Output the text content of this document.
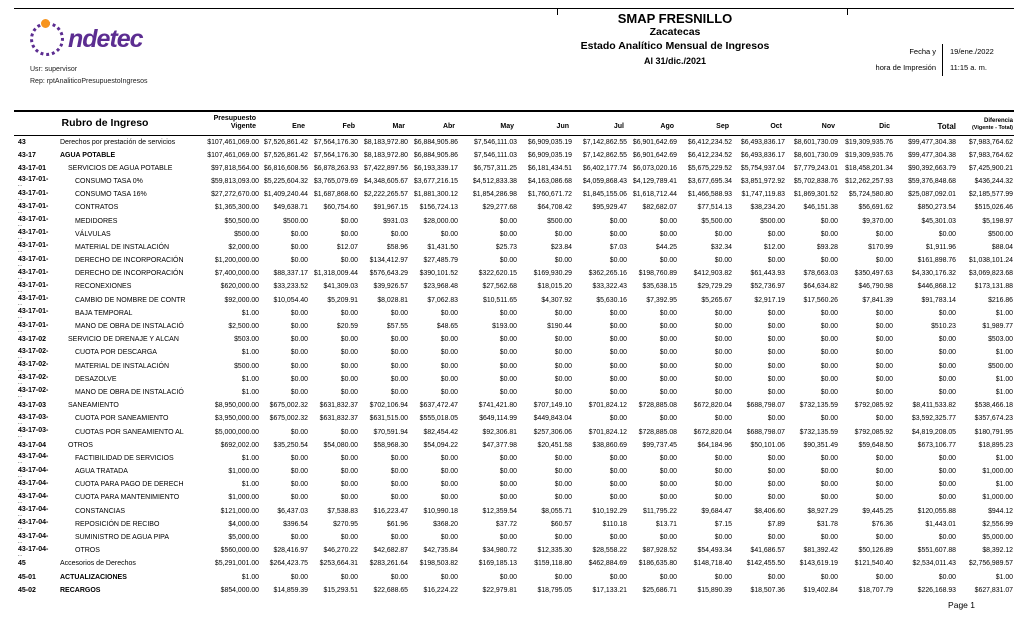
ndetec
Usr: supervisor
Rep: rptAnaliticoPresupuestoIngresos
SMAP FRESNILLO
Zacatecas
Estado Analítico Mensual de Ingresos
Al 31/dic./2021
Fecha y	19/ene./2022
hora de Impresión	11:15 a. m.
Rubro de Ingreso	Presupuesto
Vigente	Ene	Feb	Mar	Abr	May	Jun	Jul	Ago	Sep	Oct	Nov	Dic	Total	
Diferencia
(Vigente - Total)

43	Derechos por prestación de servicios	$107,461,069.00	$7,526,861.42	$7,564,176.30	$8,183,972.80	$6,884,905.86	$7,546,111.03	$6,909,035.19	$7,142,862.55	$6,901,642.69	$6,412,234.52	$6,493,836.17	$8,601,730.09	$19,309,935.76	$99,477,304.38	$7,983,764.62

43-17	AGUA POTABLE	$107,461,069.00	$7,526,861.42	$7,564,176.30	$8,183,972.80	$6,884,905.86	$7,546,111.03	$6,909,035.19	$7,142,862.55	$6,901,642.69	$6,412,234.52	$6,493,836.17	$8,601,730.09	$19,309,935.76	$99,477,304.38	$7,983,764.62

43-17-01	SERVICIOS DE AGUA POTABLE	$97,818,564.00	$6,816,608.56	$6,878,263.93	$7,422,897.56	$6,193,339.17	$6,757,311.25	$6,181,434.51	$6,402,177.74	$6,073,020.16	$5,675,229.52	$5,754,937.04	$7,779,243.01	$18,458,201.34	$90,392,663.79	$7,425,900.21

43-17-01-
- -	CONSUMO TASA 0%	$59,813,093.00	$5,225,604.32	$3,765,079.69	$4,348,605.67	$3,677,216.15	$4,512,833.38	$4,163,086.68	$4,059,868.43	$4,129,789.41	$3,677,695.34	$3,851,972.92	$5,702,838.76	$12,262,257.93	$59,376,848.68	$436,244.32

43-17-01-
- -	CONSUMO TASA 16%	$27,272,670.00	$1,409,240.44	$1,687,868.60	$2,222,265.57	$1,881,300.12	$1,854,286.98	$1,760,671.72	$1,845,155.06	$1,618,712.44	$1,466,588.93	$1,747,119.83	$1,869,301.52	$5,724,580.80	$25,087,092.01	$2,185,577.99

43-17-01-
- -	CONTRATOS	$1,365,300.00	$49,638.71	$60,754.60	$91,967.15	$156,724.13	$29,277.68	$64,708.42	$95,929.47	$82,682.07	$77,514.13	$38,234.20	$46,151.38	$56,691.62	$850,273.54	$515,026.46

43-17-01-
- -	MEDIDORES	$50,500.00	$500.00	$0.00	$931.03	$28,000.00	$0.00	$500.00	$0.00	$0.00	$5,500.00	$500.00	$0.00	$9,370.00	$45,301.03	$5,198.97

43-17-01-
- -	VÁLVULAS	$500.00	$0.00	$0.00	$0.00	$0.00	$0.00	$0.00	$0.00	$0.00	$0.00	$0.00	$0.00	$0.00	$0.00	$500.00

43-17-01-
- -	MATERIAL DE INSTALACIÓN	$2,000.00	$0.00	$12.07	$58.96	$1,431.50	$25.73	$23.84	$7.03	$44.25	$32.34	$12.00	$93.28	$170.99	$1,911.96	$88.04

43-17-01-
- -	DERECHO DE INCORPORACIÓN	$1,200,000.00	$0.00	$0.00	$134,412.97	$27,485.79	$0.00	$0.00	$0.00	$0.00	$0.00	$0.00	$0.00	$0.00	$161,898.76	$1,038,101.24

43-17-01-
- -	DERECHO DE INCORPORACIÓN	$7,400,000.00	$88,337.17	$1,318,009.44	$576,643.29	$390,101.52	$322,620.15	$169,930.29	$362,265.16	$198,760.89	$412,903.82	$61,443.93	$78,663.03	$350,497.63	$4,330,176.32	$3,069,823.68

43-17-01-
- -	RECONEXIONES	$620,000.00	$33,233.52	$41,309.03	$39,926.57	$23,968.48	$27,562.68	$18,015.20	$33,322.43	$35,638.15	$29,729.29	$52,736.97	$64,634.82	$46,790.98	$446,868.12	$173,131.88

43-17-01-
- -	CAMBIO DE NOMBRE DE CONTR	$92,000.00	$10,054.40	$5,209.91	$8,028.81	$7,062.83	$10,511.65	$4,307.92	$5,630.16	$7,392.95	$5,265.67	$2,917.19	$17,560.26	$7,841.39	$91,783.14	$216.86

43-17-01-
- -	BAJA TEMPORAL	$1.00	$0.00	$0.00	$0.00	$0.00	$0.00	$0.00	$0.00	$0.00	$0.00	$0.00	$0.00	$0.00	$0.00	$1.00

43-17-01-
- -	MANO DE OBRA DE INSTALACIÓ	$2,500.00	$0.00	$20.59	$57.55	$48.65	$193.00	$190.44	$0.00	$0.00	$0.00	$0.00	$0.00	$0.00	$510.23	$1,989.77

43-17-02	SERVICIO DE DRENAJE Y ALCAN	$503.00	$0.00	$0.00	$0.00	$0.00	$0.00	$0.00	$0.00	$0.00	$0.00	$0.00	$0.00	$0.00	$0.00	$503.00

43-17-02-
- -	CUOTA POR DESCARGA	$1.00	$0.00	$0.00	$0.00	$0.00	$0.00	$0.00	$0.00	$0.00	$0.00	$0.00	$0.00	$0.00	$0.00	$1.00

43-17-02-
- -	MATERIAL DE INSTALACIÓN	$500.00	$0.00	$0.00	$0.00	$0.00	$0.00	$0.00	$0.00	$0.00	$0.00	$0.00	$0.00	$0.00	$0.00	$500.00

43-17-02-
- -	DESAZOLVE	$1.00	$0.00	$0.00	$0.00	$0.00	$0.00	$0.00	$0.00	$0.00	$0.00	$0.00	$0.00	$0.00	$0.00	$1.00

43-17-02-
- -	MANO DE OBRA DE INSTALACIÓ	$1.00	$0.00	$0.00	$0.00	$0.00	$0.00	$0.00	$0.00	$0.00	$0.00	$0.00	$0.00	$0.00	$0.00	$1.00

43-17-03	SANEAMIENTO	$8,950,000.00	$675,002.32	$631,832.37	$702,106.94	$637,472.47	$741,421.80	$707,149.10	$701,824.12	$728,885.08	$672,820.04	$688,798.07	$732,135.59	$792,085.92	$8,411,533.82	$538,466.18

43-17-03-
- -	CUOTA POR SANEAMIENTO	$3,950,000.00	$675,002.32	$631,832.37	$631,515.00	$555,018.05	$649,114.99	$449,843.04	$0.00	$0.00	$0.00	$0.00	$0.00	$0.00	$3,592,325.77	$357,674.23

43-17-03-
- -	CUOTAS POR SANEAMIENTO AL	$5,000,000.00	$0.00	$0.00	$70,591.94	$82,454.42	$92,306.81	$257,306.06	$701,824.12	$728,885.08	$672,820.04	$688,798.07	$732,135.59	$792,085.92	$4,819,208.05	$180,791.95

43-17-04	OTROS	$692,002.00	$35,250.54	$54,080.00	$58,968.30	$54,094.22	$47,377.98	$20,451.58	$38,860.69	$99,737.45	$64,184.96	$50,101.06	$90,351.49	$59,648.50	$673,106.77	$18,895.23

43-17-04-
- -	FACTIBILIDAD DE SERVICIOS	$1.00	$0.00	$0.00	$0.00	$0.00	$0.00	$0.00	$0.00	$0.00	$0.00	$0.00	$0.00	$0.00	$0.00	$1.00

43-17-04-
- -	AGUA TRATADA	$1,000.00	$0.00	$0.00	$0.00	$0.00	$0.00	$0.00	$0.00	$0.00	$0.00	$0.00	$0.00	$0.00	$0.00	$1,000.00

43-17-04-
- -	CUOTA PARA PAGO DE DERECH	$1.00	$0.00	$0.00	$0.00	$0.00	$0.00	$0.00	$0.00	$0.00	$0.00	$0.00	$0.00	$0.00	$0.00	$1.00

43-17-04-
- -	CUOTA PARA MANTENIMIENTO	$1,000.00	$0.00	$0.00	$0.00	$0.00	$0.00	$0.00	$0.00	$0.00	$0.00	$0.00	$0.00	$0.00	$0.00	$1,000.00

43-17-04-
- -	CONSTANCIAS	$121,000.00	$6,437.03	$7,538.83	$16,223.47	$10,990.18	$12,359.54	$8,055.71	$10,192.29	$11,795.22	$9,684.47	$8,406.60	$8,927.29	$9,445.25	$120,055.88	$944.12

43-17-04-
- -	REPOSICIÓN DE RECIBO	$4,000.00	$396.54	$270.95	$61.96	$368.20	$37.72	$60.57	$110.18	$13.71	$7.15	$7.89	$31.78	$76.36	$1,443.01	$2,556.99

43-17-04-
- -	SUMINISTRO DE AGUA PIPA	$5,000.00	$0.00	$0.00	$0.00	$0.00	$0.00	$0.00	$0.00	$0.00	$0.00	$0.00	$0.00	$0.00	$0.00	$5,000.00

43-17-04-
- -	OTROS	$560,000.00	$28,416.97	$46,270.22	$42,682.87	$42,735.84	$34,980.72	$12,335.30	$28,558.22	$87,928.52	$54,493.34	$41,686.57	$81,392.42	$50,126.89	$551,607.88	$8,392.12

45	Accesorios de Derechos	$5,291,001.00	$264,423.75	$253,664.31	$283,261.64	$198,503.82	$169,185.13	$159,118.80	$462,884.69	$186,635.80	$148,718.40	$142,455.50	$143,619.19	$121,540.40	$2,534,011.43	$2,756,989.57

45-01	ACTUALIZACIONES	$1.00	$0.00	$0.00	$0.00	$0.00	$0.00	$0.00	$0.00	$0.00	$0.00	$0.00	$0.00	$0.00	$0.00	$1.00

45-02	RECARGOS	$854,000.00	$14,859.39	$15,293.51	$22,688.65	$16,224.22	$22,979.81	$18,795.05	$17,133.21	$25,686.71	$15,890.39	$18,507.36	$19,402.84	$18,707.79	$226,168.93	$627,831.07
Page 1
